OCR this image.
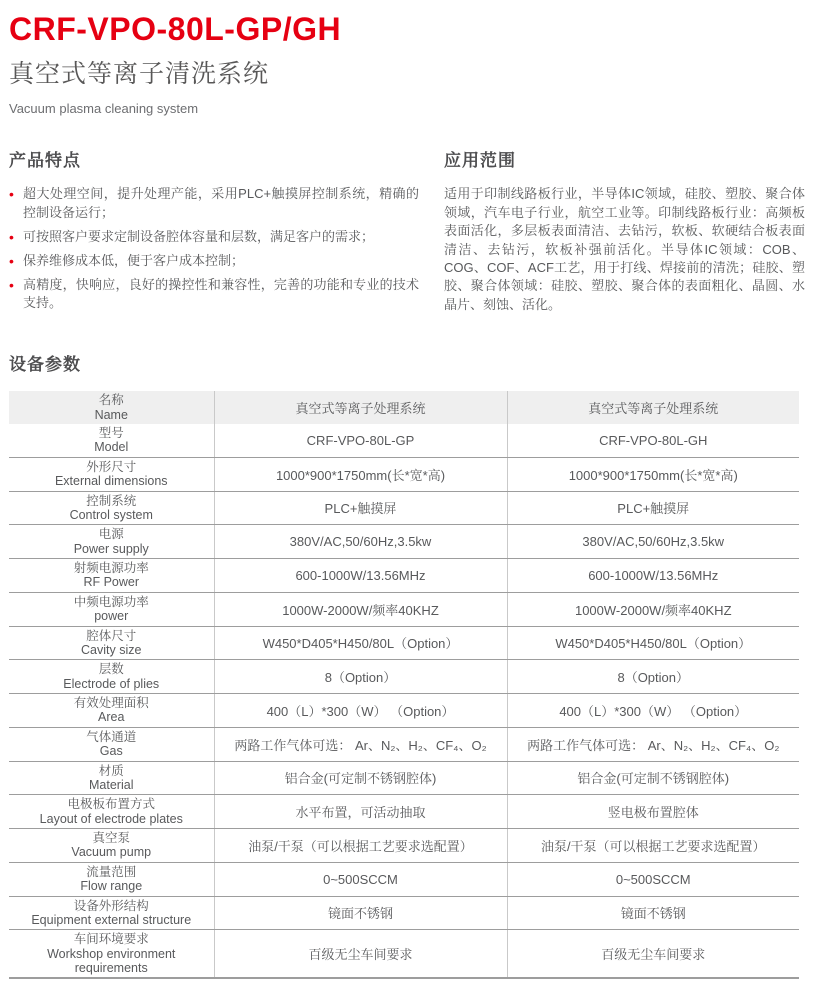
CRF-VPO-80L-GP/GH
真空式等离子清洗系统
Vacuum plasma cleaning system
产品特点
• 超大处理空间，提升处理产能，采用PLC+触摸屏控制系统，精确的控制设备运行；
• 可按照客户要求定制设备腔体容量和层数，满足客户的需求；
• 保养维修成本低，便于客户成本控制；
• 高精度，快响应，良好的操控性和兼容性，完善的功能和专业的技术支持。
应用范围

适用于印制线路板行业，半导体IC领域，硅胶、塑胶、聚合体领域，汽车电子行业，航空工业等。印制线路板行业：高频板表面活化，多层板表面清洁、去钻污，软板、软硬结合板表面清洁、去钻污，软板补强前活化。半导体IC领域：COB、COG、COF、ACF工艺，用于打线、焊接前的清洗；硅胶、塑胶、聚合体领域：硅胶、塑胶、聚合体的表面粗化、晶圆、水晶片、刻蚀、活化。

设备参数
名称
Name	真空式等离子处理系统	真空式等离子处理系统

型号
Model	CRF-VPO-80L-GP	CRF-VPO-80L-GH

外形尺寸
External dimensions	1000*900*1750mm(长*宽*高)	1000*900*1750mm(长*宽*高)

控制系统
Control system	PLC+触摸屏	PLC+触摸屏

电源
Power supply	380V/AC,50/60Hz,3.5kw	380V/AC,50/60Hz,3.5kw

射频电源功率
RF Power	600-1000W/13.56MHz	600-1000W/13.56MHz

中频电源功率
power	1000W-2000W/频率40KHZ	1000W-2000W/频率40KHZ

腔体尺寸
Cavity size	W450*D405*H450/80L（Option）	W450*D405*H450/80L（Option）

层数
Electrode of plies	8（Option）	8（Option）

有效处理面积
Area	400（L）*300（W） （Option）	400（L）*300（W） （Option）

气体通道
Gas	两路工作气体可选： Ar、N₂、H₂、CF₄、O₂	两路工作气体可选： Ar、N₂、H₂、CF₄、O₂

材质
Material	铝合金(可定制不锈钢腔体)	铝合金(可定制不锈钢腔体)

电极板布置方式
Layout of electrode plates	水平布置，可活动抽取	竖电极布置腔体

真空泵
Vacuum pump	油泵/干泵（可以根据工艺要求选配置）	油泵/干泵（可以根据工艺要求选配置）

流量范围
Flow range	0~500SCCM	0~500SCCM

设备外形结构
Equipment external structure	镜面不锈钢	镜面不锈钢

车间环境要求
Workshop environment requirements	百级无尘车间要求	百级无尘车间要求
